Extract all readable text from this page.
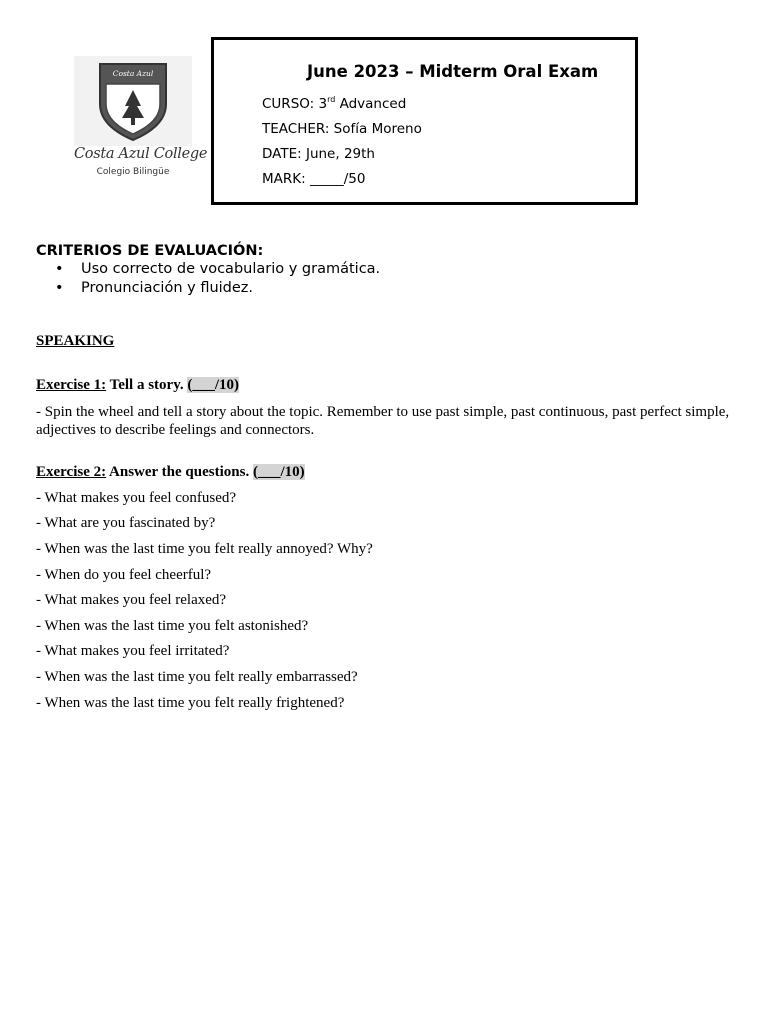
Costa Azul
Costa Azul College
Colegio Bilingüe
June 2023 – Midterm Oral Exam
CURSO: 3rd Advanced
TEACHER: Sofía Moreno
DATE: June, 29th
MARK: _____/50
CRITERIOS DE EVALUACIÓN:
• Uso correcto de vocabulario y gramática.
• Pronunciación y fluidez.
SPEAKING
Exercise 1: Tell a story. (___/10)
- Spin the wheel and tell a story about the topic. Remember to use past simple, past continuous, past perfect simple, adjectives to describe feelings and connectors.
Exercise 2: Answer the questions. (___/10)
- What makes you feel confused?
- What are you fascinated by?
- When was the last time you felt really annoyed? Why?
- When do you feel cheerful?
- What makes you feel relaxed?
- When was the last time you felt astonished?
- What makes you feel irritated?
- When was the last time you felt really embarrassed?
- When was the last time you felt really frightened?
